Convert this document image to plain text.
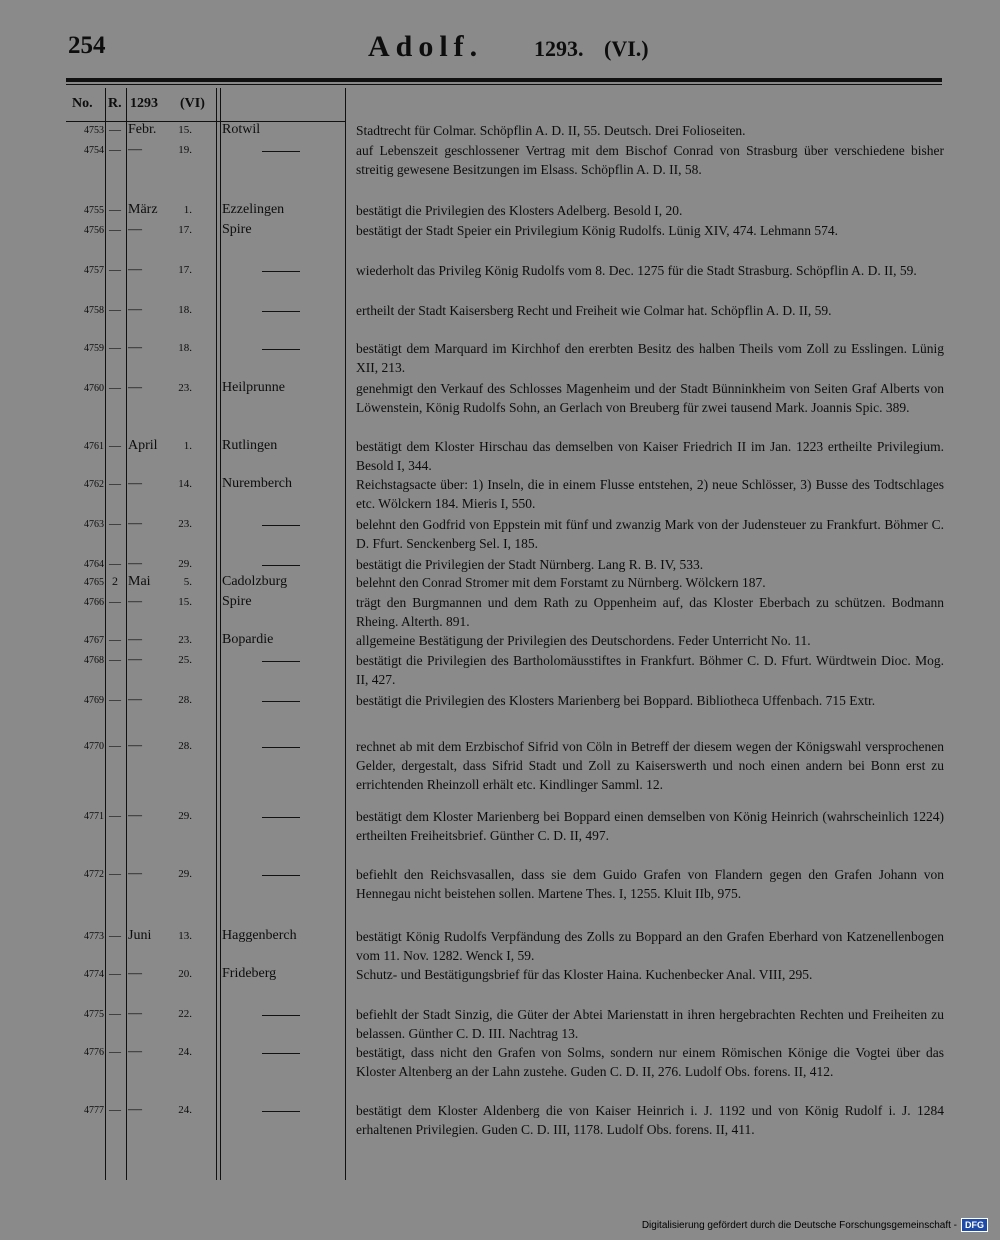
254	Adolf. 1293. (VI.)
No. R. 1293 (VI)
4753 — Febr.	15. Rotwil	Stadtrecht für Colmar. Schöpflin A. D. II, 55. Deutsch. Drei Folioseiten.
4754 — —	19.	auf Lebenszeit geschlossener Vertrag mit dem Bischof Conrad von Strasburg über verschiedene bisher streitig gewesene Besitzungen im Elsass. Schöpflin A. D. II, 58.
4755 — März	1. Ezzelingen	bestätigt die Privilegien des Klosters Adelberg. Besold I, 20.
4756 — —	17. Spire	bestätigt der Stadt Speier ein Privilegium König Rudolfs. Lünig XIV, 474. Lehmann 574.
4757 — —	17.	wiederholt das Privileg König Rudolfs vom 8. Dec. 1275 für die Stadt Strasburg. Schöpflin A. D. II, 59.
4758 — —	18.	ertheilt der Stadt Kaisersberg Recht und Freiheit wie Colmar hat. Schöpflin A. D. II, 59.
4759 — —	18.	bestätigt dem Marquard im Kirchhof den ererbten Besitz des halben Theils vom Zoll zu Esslingen. Lünig XII, 213.
4760 — —	23. Heilprunne	genehmigt den Verkauf des Schlosses Magenheim und der Stadt Bünninkheim von Seiten Graf Alberts von Löwenstein, König Rudolfs Sohn, an Gerlach von Breuberg für zwei tausend Mark. Joannis Spic. 389.
4761 — April	1. Rutlingen	bestätigt dem Kloster Hirschau das demselben von Kaiser Friedrich II im Jan. 1223 ertheilte Privilegium. Besold I, 344.
4762 — —	14. Nuremberch	Reichstagsacte über: 1) Inseln, die in einem Flusse entstehen, 2) neue Schlösser, 3) Busse des Todtschlages etc. Wölckern 184. Mieris I, 550.
4763 — —	23.	belehnt den Godfrid von Eppstein mit fünf und zwanzig Mark von der Judensteuer zu Frankfurt. Böhmer C. D. Ffurt. Senckenberg Sel. I, 185.
4764 — —	29.	bestätigt die Privilegien der Stadt Nürnberg. Lang R. B. IV, 533.
4765 2 Mai	5. Cadolzburg	belehnt den Conrad Stromer mit dem Forstamt zu Nürnberg. Wölckern 187.
4766 — —	15. Spire	trägt den Burgmannen und dem Rath zu Oppenheim auf, das Kloster Eberbach zu schützen. Bodmann Rheing. Alterth. 891.
4767 — —	23. Bopardie	allgemeine Bestätigung der Privilegien des Deutschordens. Feder Unterricht No. 11.
4768 — —	25.	bestätigt die Privilegien des Bartholomäusstiftes in Frankfurt. Böhmer C. D. Ffurt. Würdtwein Dioc. Mog. II, 427.
4769 — —	28.	bestätigt die Privilegien des Klosters Marienberg bei Boppard. Bibliotheca Uffenbach. 715 Extr.
4770 — —	28.	rechnet ab mit dem Erzbischof Sifrid von Cöln in Betreff der diesem wegen der Königswahl versprochenen Gelder, dergestalt, dass Sifrid Stadt und Zoll zu Kaiserswerth und noch einen andern bei Bonn erst zu errichtenden Rheinzoll erhält etc. Kindlinger Samml. 12.
4771 — —	29.	bestätigt dem Kloster Marienberg bei Boppard einen demselben von König Heinrich (wahrscheinlich 1224) ertheilten Freiheitsbrief. Günther C. D. II, 497.
4772 — —	29.	befiehlt den Reichsvasallen, dass sie dem Guido Grafen von Flandern gegen den Grafen Johann von Hennegau nicht beistehen sollen. Martene Thes. I, 1255. Kluit IIb, 975.
4773 — Juni	13. Haggenberch	bestätigt König Rudolfs Verpfändung des Zolls zu Boppard an den Grafen Eberhard von Katzenellenbogen vom 11. Nov. 1282. Wenck I, 59.
4774 — —	20. Frideberg	Schutz- und Bestätigungsbrief für das Kloster Haina. Kuchenbecker Anal. VIII, 295.
4775 — —	22.	befiehlt der Stadt Sinzig, die Güter der Abtei Marienstatt in ihren hergebrachten Rechten und Freiheiten zu belassen. Günther C. D. III. Nachtrag 13.
4776 — —	24.	bestätigt, dass nicht den Grafen von Solms, sondern nur einem Römischen Könige die Vogtei über das Kloster Altenberg an der Lahn zustehe. Guden C. D. II, 276. Ludolf Obs. forens. II, 412.
4777 — —	24.	bestätigt dem Kloster Aldenberg die von Kaiser Heinrich i. J. 1192 und von König Rudolf i. J. 1284 erhaltenen Privilegien. Guden C. D. III, 1178. Ludolf Obs. forens. II, 411.
Digitalisierung gefördert durch die Deutsche Forschungsgemeinschaft - DFG
